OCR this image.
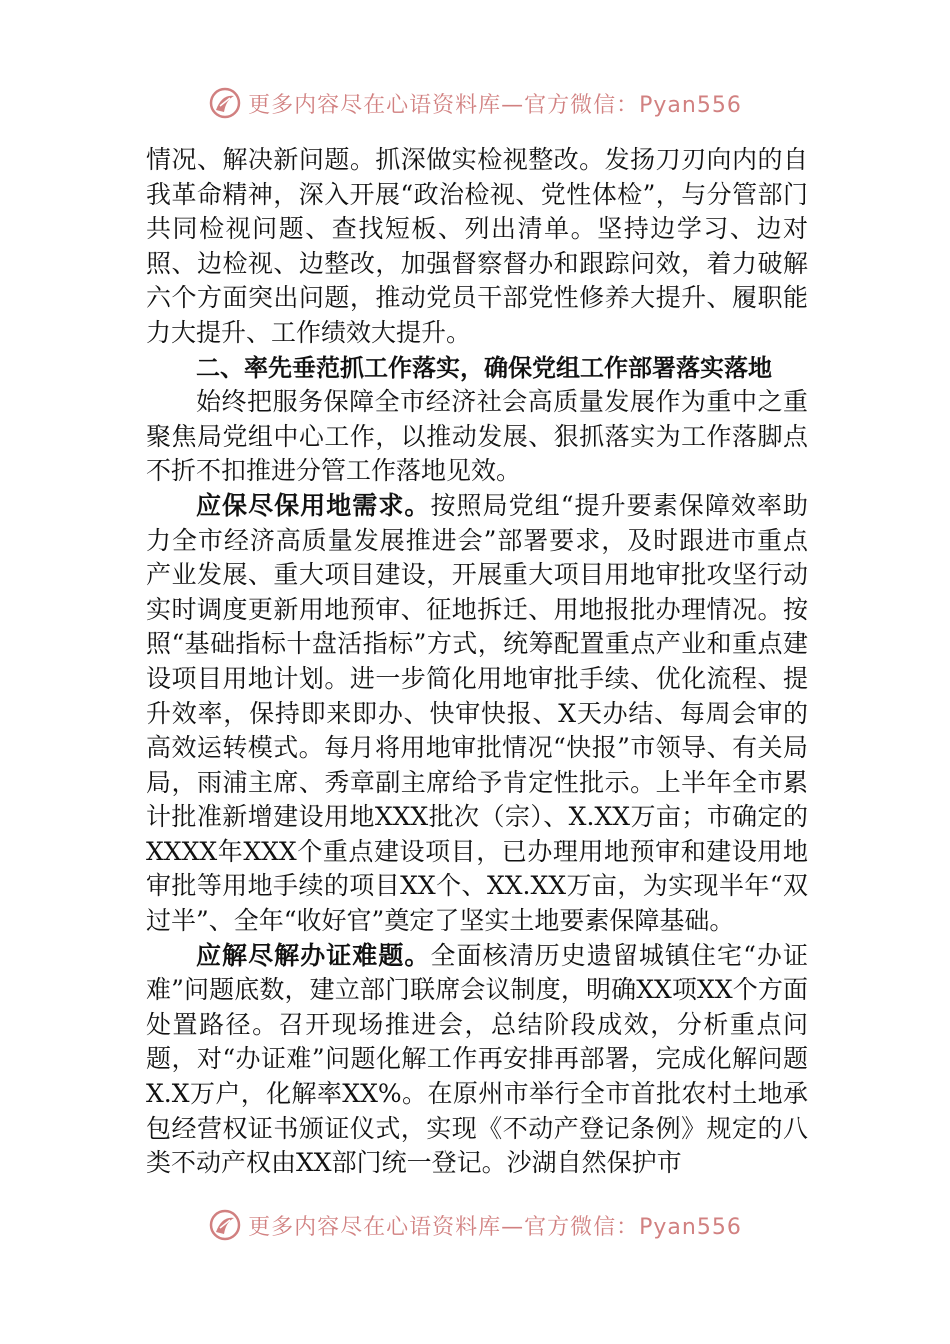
更多内容尽在心语资料库—官方微信：Pyan556

情况、解决新问题。抓深做实检视整改。发扬刀刃向内的自我革命精神，深入开展“政治检视、党性体检”，与分管部门共同检视问题、查找短板、列出清单。坚持边学习、边对照、边检视、边整改，加强督察督办和跟踪问效，着力破解六个方面突出问题，推动党员干部党性修养大提升、履职能力大提升、工作绩效大提升。

二、率先垂范抓工作落实，确保党组工作部署落实落地

始终把服务保障全市经济社会高质量发展作为重中之重聚焦局党组中心工作，以推动发展、狠抓落实为工作落脚点不折不扣推进分管工作落地见效。

应保尽保用地需求。按照局党组“提升要素保障效率助力全市经济高质量发展推进会”部署要求，及时跟进市重点产业发展、重大项目建设，开展重大项目用地审批攻坚行动实时调度更新用地预审、征地拆迁、用地报批办理情况。按照“基础指标十盘活指标”方式，统筹配置重点产业和重点建设项目用地计划。进一步简化用地审批手续、优化流程、提升效率，保持即来即办、快审快报、X天办结、每周会审的高效运转模式。每月将用地审批情况“快报”市领导、有关局局，雨浦主席、秀章副主席给予肯定性批示。上半年全市累计批准新增建设用地XXX批次（宗）、X.XX万亩；市确定的XXXX年XXX个重点建设项目，已办理用地预审和建设用地审批等用地手续的项目XX个、XX.XX万亩，为实现半年“双过半”、全年“收好官”奠定了坚实土地要素保障基础。

应解尽解办证难题。全面核清历史遗留城镇住宅“办证难”问题底数，建立部门联席会议制度，明确XX项XX个方面处置路径。召开现场推进会，总结阶段成效，分析重点问题，对“办证难”问题化解工作再安排再部署，完成化解问题X.X万户，化解率XX%。在原州市举行全市首批农村土地承包经营权证书颁证仪式，实现《不动产登记条例》规定的八类不动产权由XX部门统一登记。沙湖自然保护市

更多内容尽在心语资料库—官方微信：Pyan556
